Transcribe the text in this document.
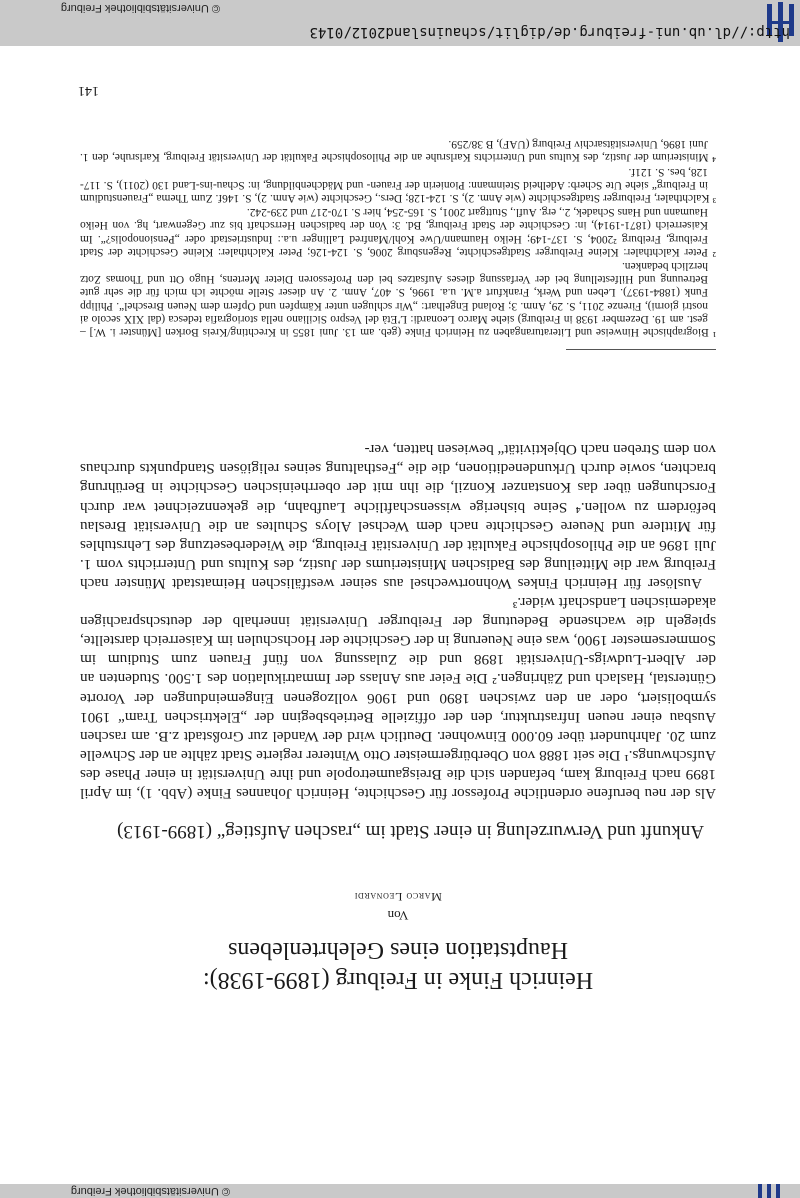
© Universitätsbibliothek Freiburg
Heinrich Finke in Freiburg (1899-1938):
Hauptstation eines Gelehrtenlebens
Von
Marco Leonardi
Ankunft und Verwurzelung in einer Stadt im „raschen Aufstieg“ (1899-1913)

Als der neu berufene ordentliche Professor für Geschichte, Heinrich Johannes Finke (Abb. 1), im April 1899 nach Freiburg kam, befanden sich die Breisgaumetropole und ihre Universität in einer Phase des Aufschwungs.¹ Die seit 1888 von Oberbürgermeister Otto Winterer regierte Stadt zählte an der Schwelle zum 20. Jahrhundert über 60.000 Einwohner. Deutlich wird der Wandel zur Großstadt z.B. am raschen Ausbau einer neuen Infrastruktur, den der offizielle Betriebsbeginn der „Elektrischen Tram“ 1901 symbolisiert, oder an den zwischen 1890 und 1906 vollzogenen Eingemeindungen der Vororte Günterstal, Haslach und Zähringen.² Die Feier aus Anlass der Immatrikulation des 1.500. Studenten an der Albert-Ludwigs-Universität 1898 und die Zulassung von fünf Frauen zum Studium im Sommersemester 1900, was eine Neuerung in der Geschichte der Hochschulen im Kaiserreich darstellte, spiegeln die wachsende Bedeutung der Freiburger Universität innerhalb der deutschsprachigen akademischen Landschaft wider.³

Auslöser für Heinrich Finkes Wohnortwechsel aus seiner westfälischen Heimatstadt Münster nach Freiburg war die Mitteilung des Badischen Ministeriums der Justiz, des Kultus und Unterrichts vom 1. Juli 1896 an die Philosophische Fakultät der Universität Freiburg, die Wiederbesetzung des Lehrstuhles für Mittlere und Neuere Geschichte nach dem Wechsel Aloys Schultes an die Universität Breslau befördern zu wollen.⁴ Seine bisherige wissenschaftliche Laufbahn, die gekennzeichnet war durch Forschungen über das Konstanzer Konzil, die ihn mit der oberrheinischen Geschichte in Berührung brachten, sowie durch Urkundeneditionen, die die „Festhaltung seines religiösen Standpunkts durchaus von dem Streben nach Objektivität“ bewiesen hatten, ver-

¹ Biographische Hinweise und Literaturangaben zu Heinrich Finke (geb. am 13. Juni 1855 in Krechting/Kreis Borken [Münster i. W.] – gest. am 19. Dezember 1938 in Freiburg) siehe Marco Leonardi: L’Età del Vespro Siciliano nella storiografia tedesca (dal XIX secolo ai nostri giorni), Firenze 2011, S. 29, Anm. 3; Roland Engelhart: „Wir schlugen unter Kämpfen und Opfern dem Neuen Breschel“. Philipp Funk (1884-1937). Leben und Werk, Frankfurt a.M. u.a. 1996, S. 407, Anm. 2. An dieser Stelle möchte ich mich für die sehr gute Betreuung und Hilfestellung bei der Verfassung dieses Aufsatzes bei den Professoren Dieter Mertens, Hugo Ott und Thomas Zotz herzlich bedanken.

² Peter Kalchthaler: Kleine Freiburger Stadtgeschichte, Regensburg 2006, S. 124-126; Peter Kalchthaler: Kleine Geschichte der Stadt Freiburg, Freiburg ²2004, S. 137-149; Heiko Haumann/Uwe Kohl/Manfred Lallinger u.a.: Industriestadt oder „Pensionopolis?“. Im Kaiserreich (1871-1914), in: Geschichte der Stadt Freiburg, Bd. 3: Von der badischen Herrschaft bis zur Gegenwart, hg. von Heiko Haumann und Hans Schadek, 2., erg. Aufl., Stuttgart 2001, S. 165-254, hier S. 170-217 und 239-242.

³ Kalchthaler, Freiburger Stadtgeschichte (wie Anm. 2), S. 124-128; Ders., Geschichte (wie Anm. 2), S. 146f. Zum Thema „Frauenstudium in Freiburg“ siehe Ute Scherb: Adelheid Steinmann: Pionierin der Frauen- und Mädchenbildung, in: Schau-ins-Land 130 (2011), S. 117-128, bes. S. 121f.

⁴ Ministerium der Justiz, des Kultus und Unterrichts Karlsruhe an die Philosophische Fakultät der Universität Freiburg, Karlsruhe, den 1. Juni 1896, Universitätsarchiv Freiburg (UAF), B 38/259.

141
http://dl.ub.uni-freiburg.de/diglit/schauinsland2012/0143
© Universitätsbibliothek Freiburg
